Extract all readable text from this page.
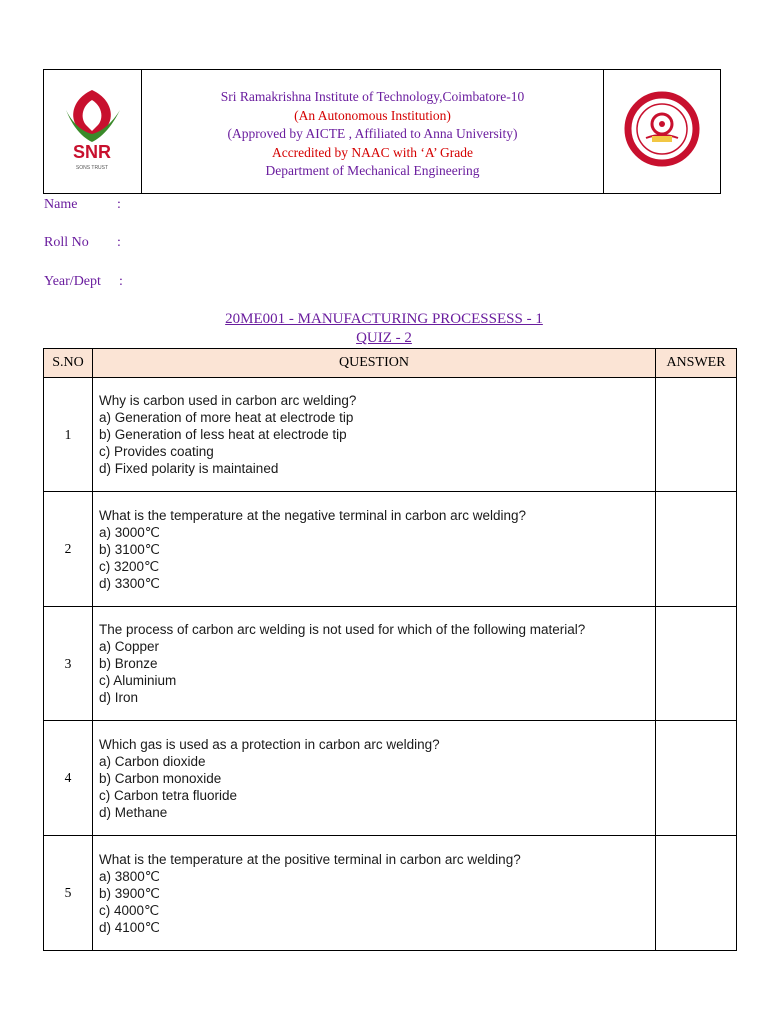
SNR
SONS TRUST
Sri Ramakrishna Institute of Technology,Coimbatore-10
(An Autonomous Institution)
(Approved by AICTE , Affiliated to Anna University)
Accredited by NAAC with ‘A’ Grade
Department of Mechanical Engineering
Name	:
Roll No :
Year/Dept :
20ME001 - MANUFACTURING PROCESSESS - 1
QUIZ - 2
S.NO	QUESTION	ANSWER
1	Why is carbon used in carbon arc welding?
a) Generation of more heat at electrode tip
b) Generation of less heat at electrode tip
c) Provides coating
d) Fixed polarity is maintained	

2	What is the temperature at the negative terminal in carbon arc welding?
a) 3000℃
b) 3100℃
c) 3200℃
d) 3300℃	

3	The process of carbon arc welding is not used for which of the following material?
a) Copper
b) Bronze
c) Aluminium
d) Iron	

4	Which gas is used as a protection in carbon arc welding?
a) Carbon dioxide
b) Carbon monoxide
c) Carbon tetra fluoride
d) Methane	

5	What is the temperature at the positive terminal in carbon arc welding?
a) 3800℃
b) 3900℃
c) 4000℃
d) 4100℃	
